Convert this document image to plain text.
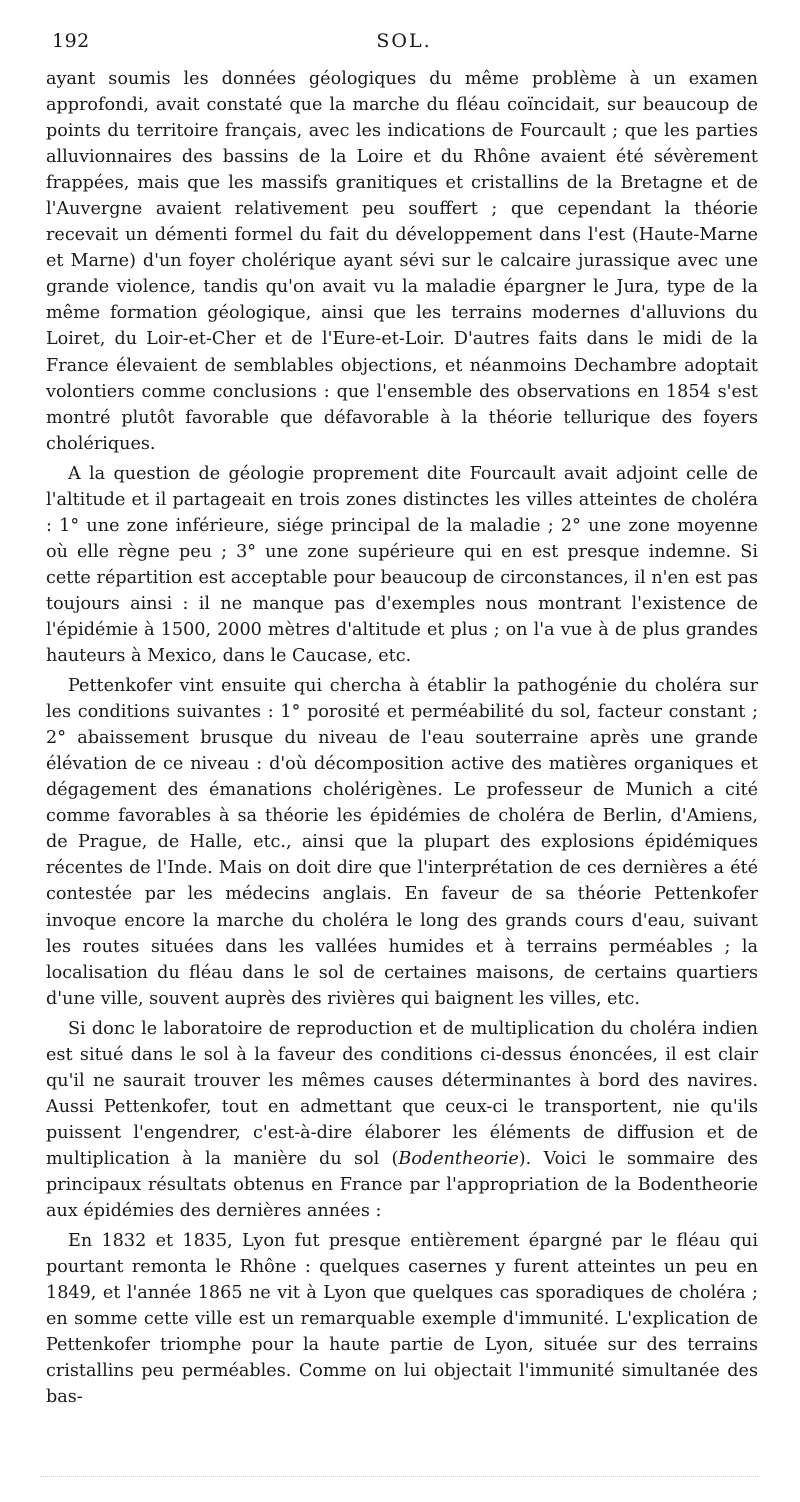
192	SOL.

ayant soumis les données géologiques du même problème à un examen approfondi, avait constaté que la marche du fléau coïncidait, sur beaucoup de points du territoire français, avec les indications de Fourcault ; que les parties alluvionnaires des bassins de la Loire et du Rhône avaient été sévèrement frappées, mais que les massifs granitiques et cristallins de la Bretagne et de l'Auvergne avaient relativement peu souffert ; que cependant la théorie recevait un démenti formel du fait du développement dans l'est (Haute-Marne et Marne) d'un foyer cholérique ayant sévi sur le calcaire jurassique avec une grande violence, tandis qu'on avait vu la maladie épargner le Jura, type de la même formation géologique, ainsi que les terrains modernes d'alluvions du Loiret, du Loir-et-Cher et de l'Eure-et-Loir. D'autres faits dans le midi de la France élevaient de semblables objections, et néanmoins Dechambre adoptait volontiers comme conclusions : que l'ensemble des observations en 1854 s'est montré plutôt favorable que défavorable à la théorie tellurique des foyers cholériques.

A la question de géologie proprement dite Fourcault avait adjoint celle de l'altitude et il partageait en trois zones distinctes les villes atteintes de choléra : 1° une zone inférieure, siége principal de la maladie ; 2° une zone moyenne où elle règne peu ; 3° une zone supérieure qui en est presque indemne. Si cette répartition est acceptable pour beaucoup de circonstances, il n'en est pas toujours ainsi : il ne manque pas d'exemples nous montrant l'existence de l'épidémie à 1500, 2000 mètres d'altitude et plus ; on l'a vue à de plus grandes hauteurs à Mexico, dans le Caucase, etc.

Pettenkofer vint ensuite qui chercha à établir la pathogénie du choléra sur les conditions suivantes : 1° porosité et perméabilité du sol, facteur constant ; 2° abaissement brusque du niveau de l'eau souterraine après une grande élévation de ce niveau : d'où décomposition active des matières organiques et dégagement des émanations cholérigènes. Le professeur de Munich a cité comme favorables à sa théorie les épidémies de choléra de Berlin, d'Amiens, de Prague, de Halle, etc., ainsi que la plupart des explosions épidémiques récentes de l'Inde. Mais on doit dire que l'interprétation de ces dernières a été contestée par les médecins anglais. En faveur de sa théorie Pettenkofer invoque encore la marche du choléra le long des grands cours d'eau, suivant les routes situées dans les vallées humides et à terrains perméables ; la localisation du fléau dans le sol de certaines maisons, de certains quartiers d'une ville, souvent auprès des rivières qui baignent les villes, etc.

Si donc le laboratoire de reproduction et de multiplication du choléra indien est situé dans le sol à la faveur des conditions ci-dessus énoncées, il est clair qu'il ne saurait trouver les mêmes causes déterminantes à bord des navires. Aussi Pettenkofer, tout en admettant que ceux-ci le transportent, nie qu'ils puissent l'engendrer, c'est-à-dire élaborer les éléments de diffusion et de multiplication à la manière du sol (Bodentheorie). Voici le sommaire des principaux résultats obtenus en France par l'appropriation de la Bodentheorie aux épidémies des dernières années :

En 1832 et 1835, Lyon fut presque entièrement épargné par le fléau qui pourtant remonta le Rhône : quelques casernes y furent atteintes un peu en 1849, et l'année 1865 ne vit à Lyon que quelques cas sporadiques de choléra ; en somme cette ville est un remarquable exemple d'immunité. L'explication de Pettenkofer triomphe pour la haute partie de Lyon, située sur des terrains cristallins peu perméables. Comme on lui objectait l'immunité simultanée des bas-
